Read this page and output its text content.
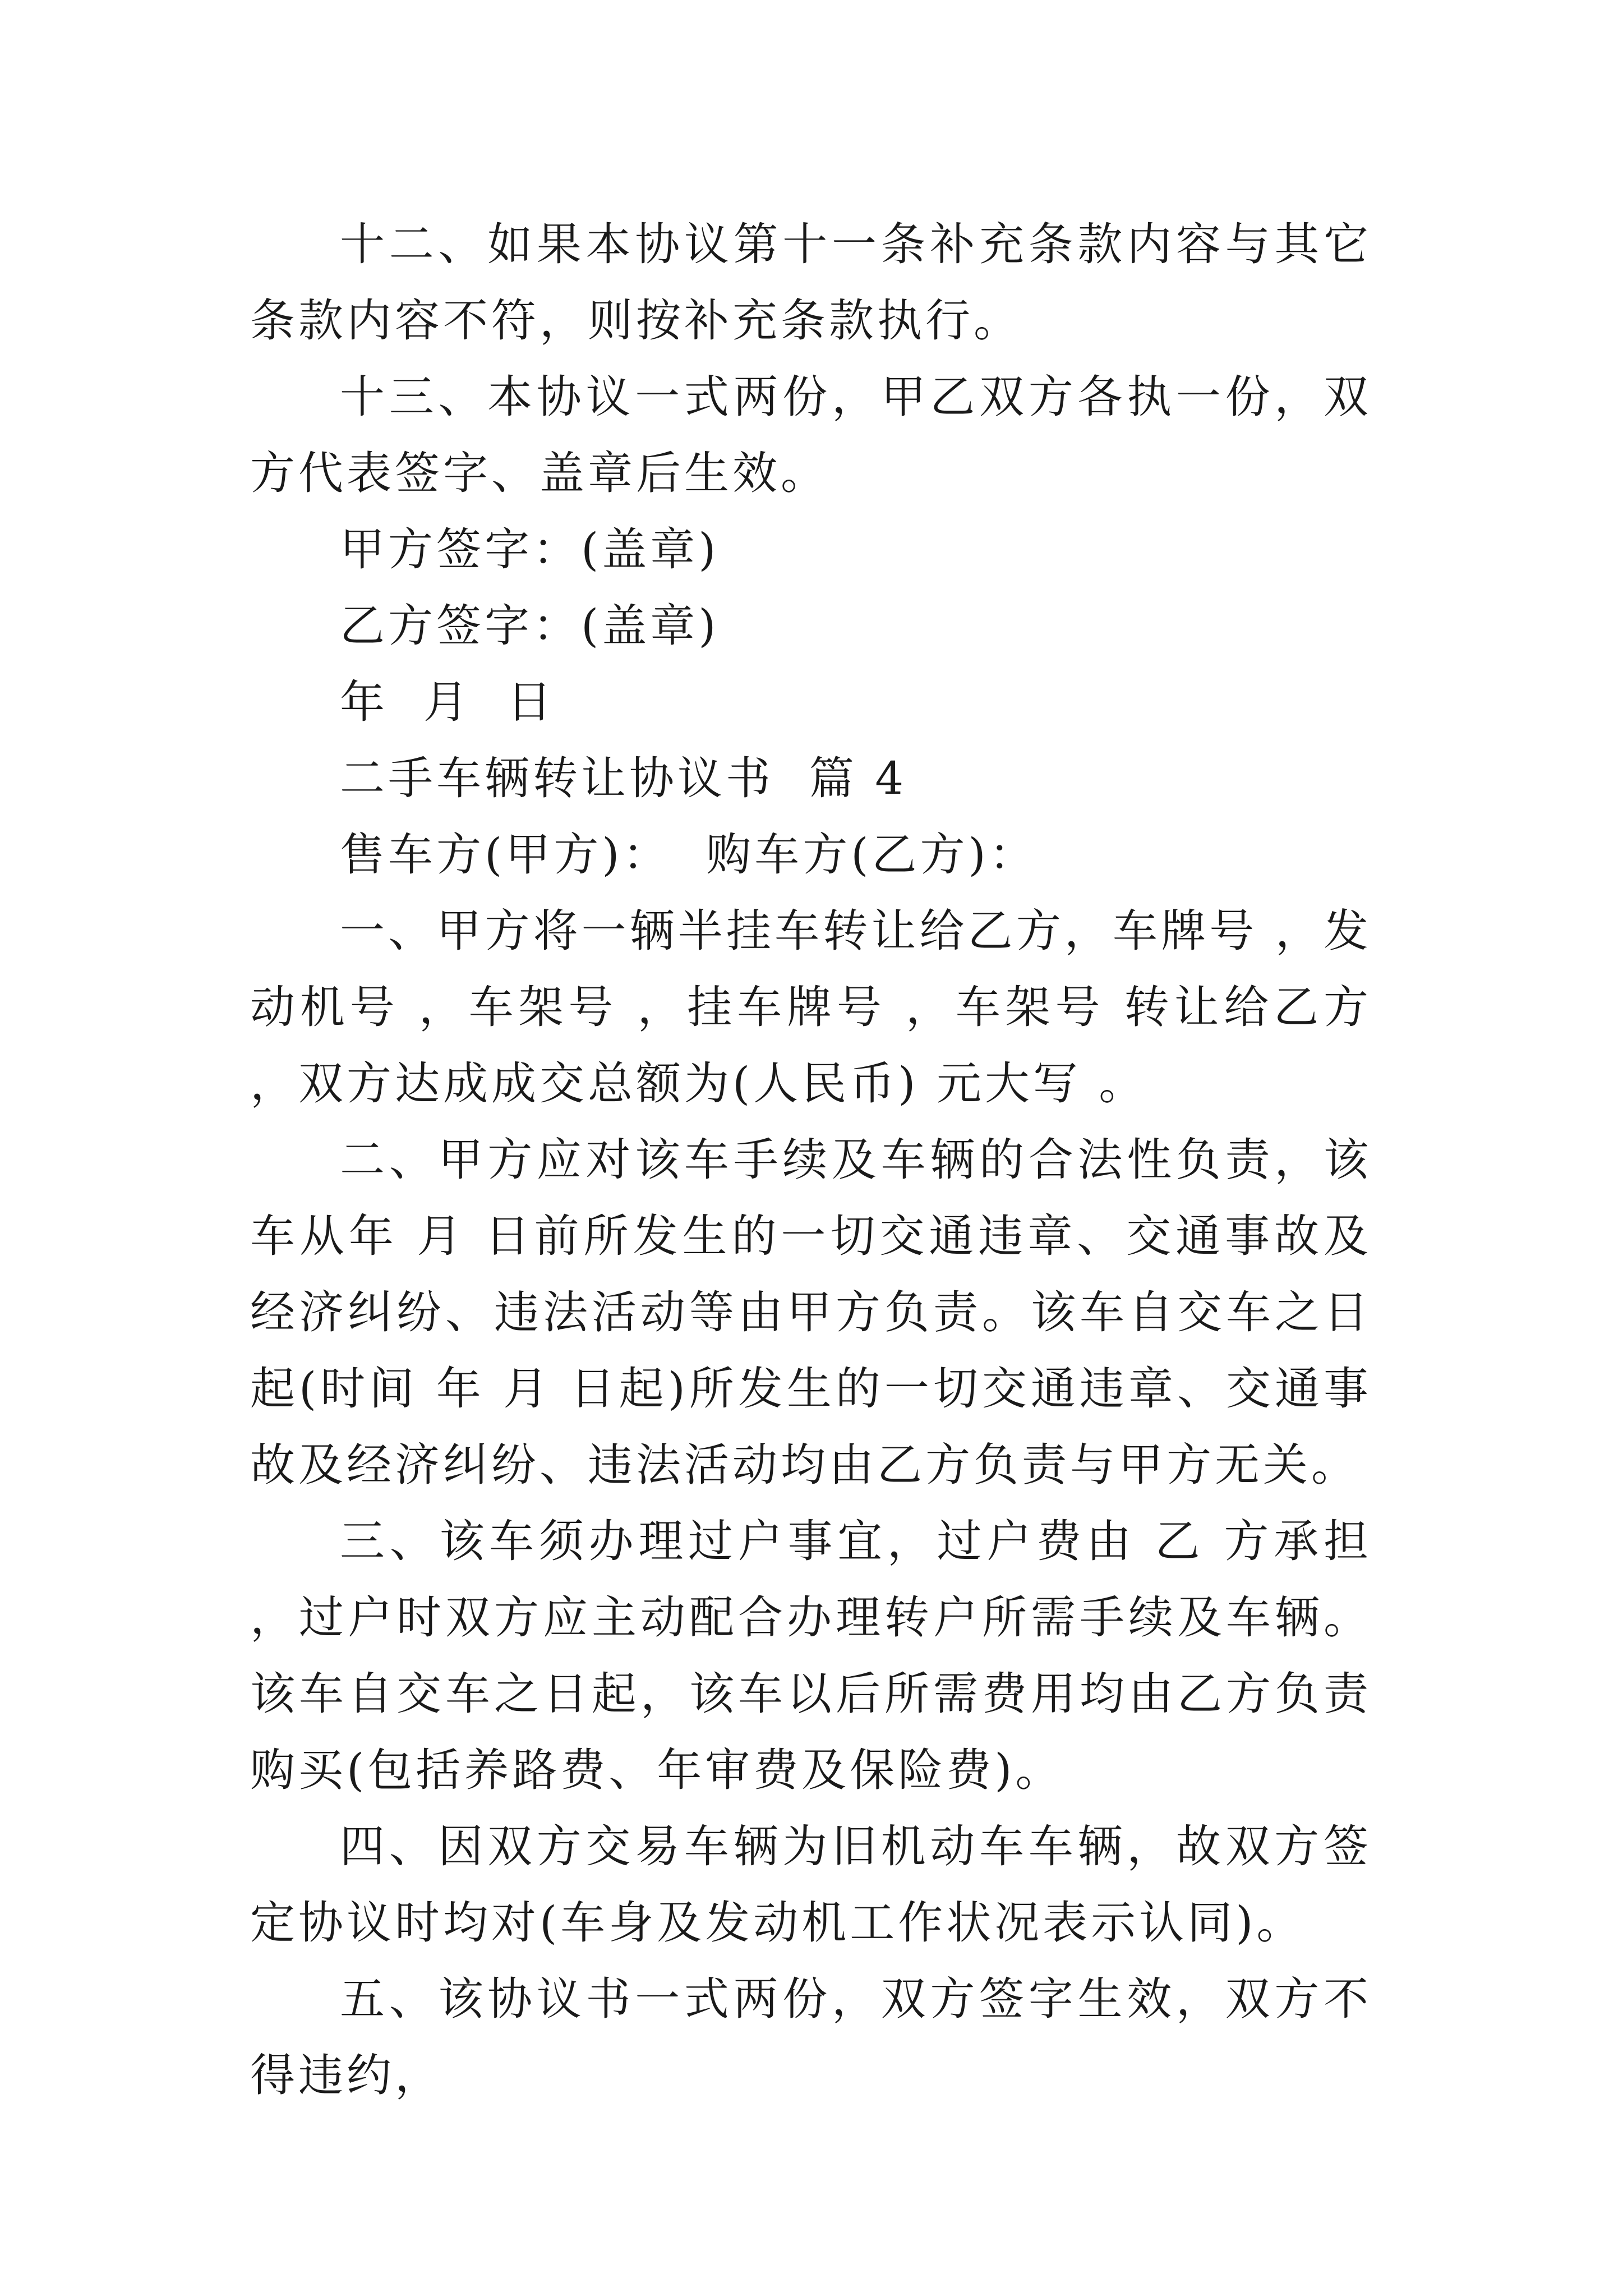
十二、如果本协议第十一条补充条款内容与其它条款内容不符，则按补充条款执行。

十三、本协议一式两份，甲乙双方各执一份，双方代表签字、盖章后生效。

甲方签字：(盖章)

乙方签字：(盖章)

年  月  日

二手车辆转让协议书  篇 4

售车方(甲方)：  购车方(乙方)：

一、甲方将一辆半挂车转让给乙方，车牌号 ，发动机号 ，车架号 ，挂车牌号 ，车架号 转让给乙方，双方达成成交总额为(人民币) 元大写 。

二、甲方应对该车手续及车辆的合法性负责，该车从年 月 日前所发生的一切交通违章、交通事故及经济纠纷、违法活动等由甲方负责。该车自交车之日起(时间 年 月 日起)所发生的一切交通违章、交通事故及经济纠纷、违法活动均由乙方负责与甲方无关。

三、该车须办理过户事宜，过户费由 乙 方承担，过户时双方应主动配合办理转户所需手续及车辆。该车自交车之日起，该车以后所需费用均由乙方负责购买(包括养路费、年审费及保险费)。

四、因双方交易车辆为旧机动车车辆，故双方签定协议时均对(车身及发动机工作状况表示认同)。

五、该协议书一式两份，双方签字生效，双方不得违约，
